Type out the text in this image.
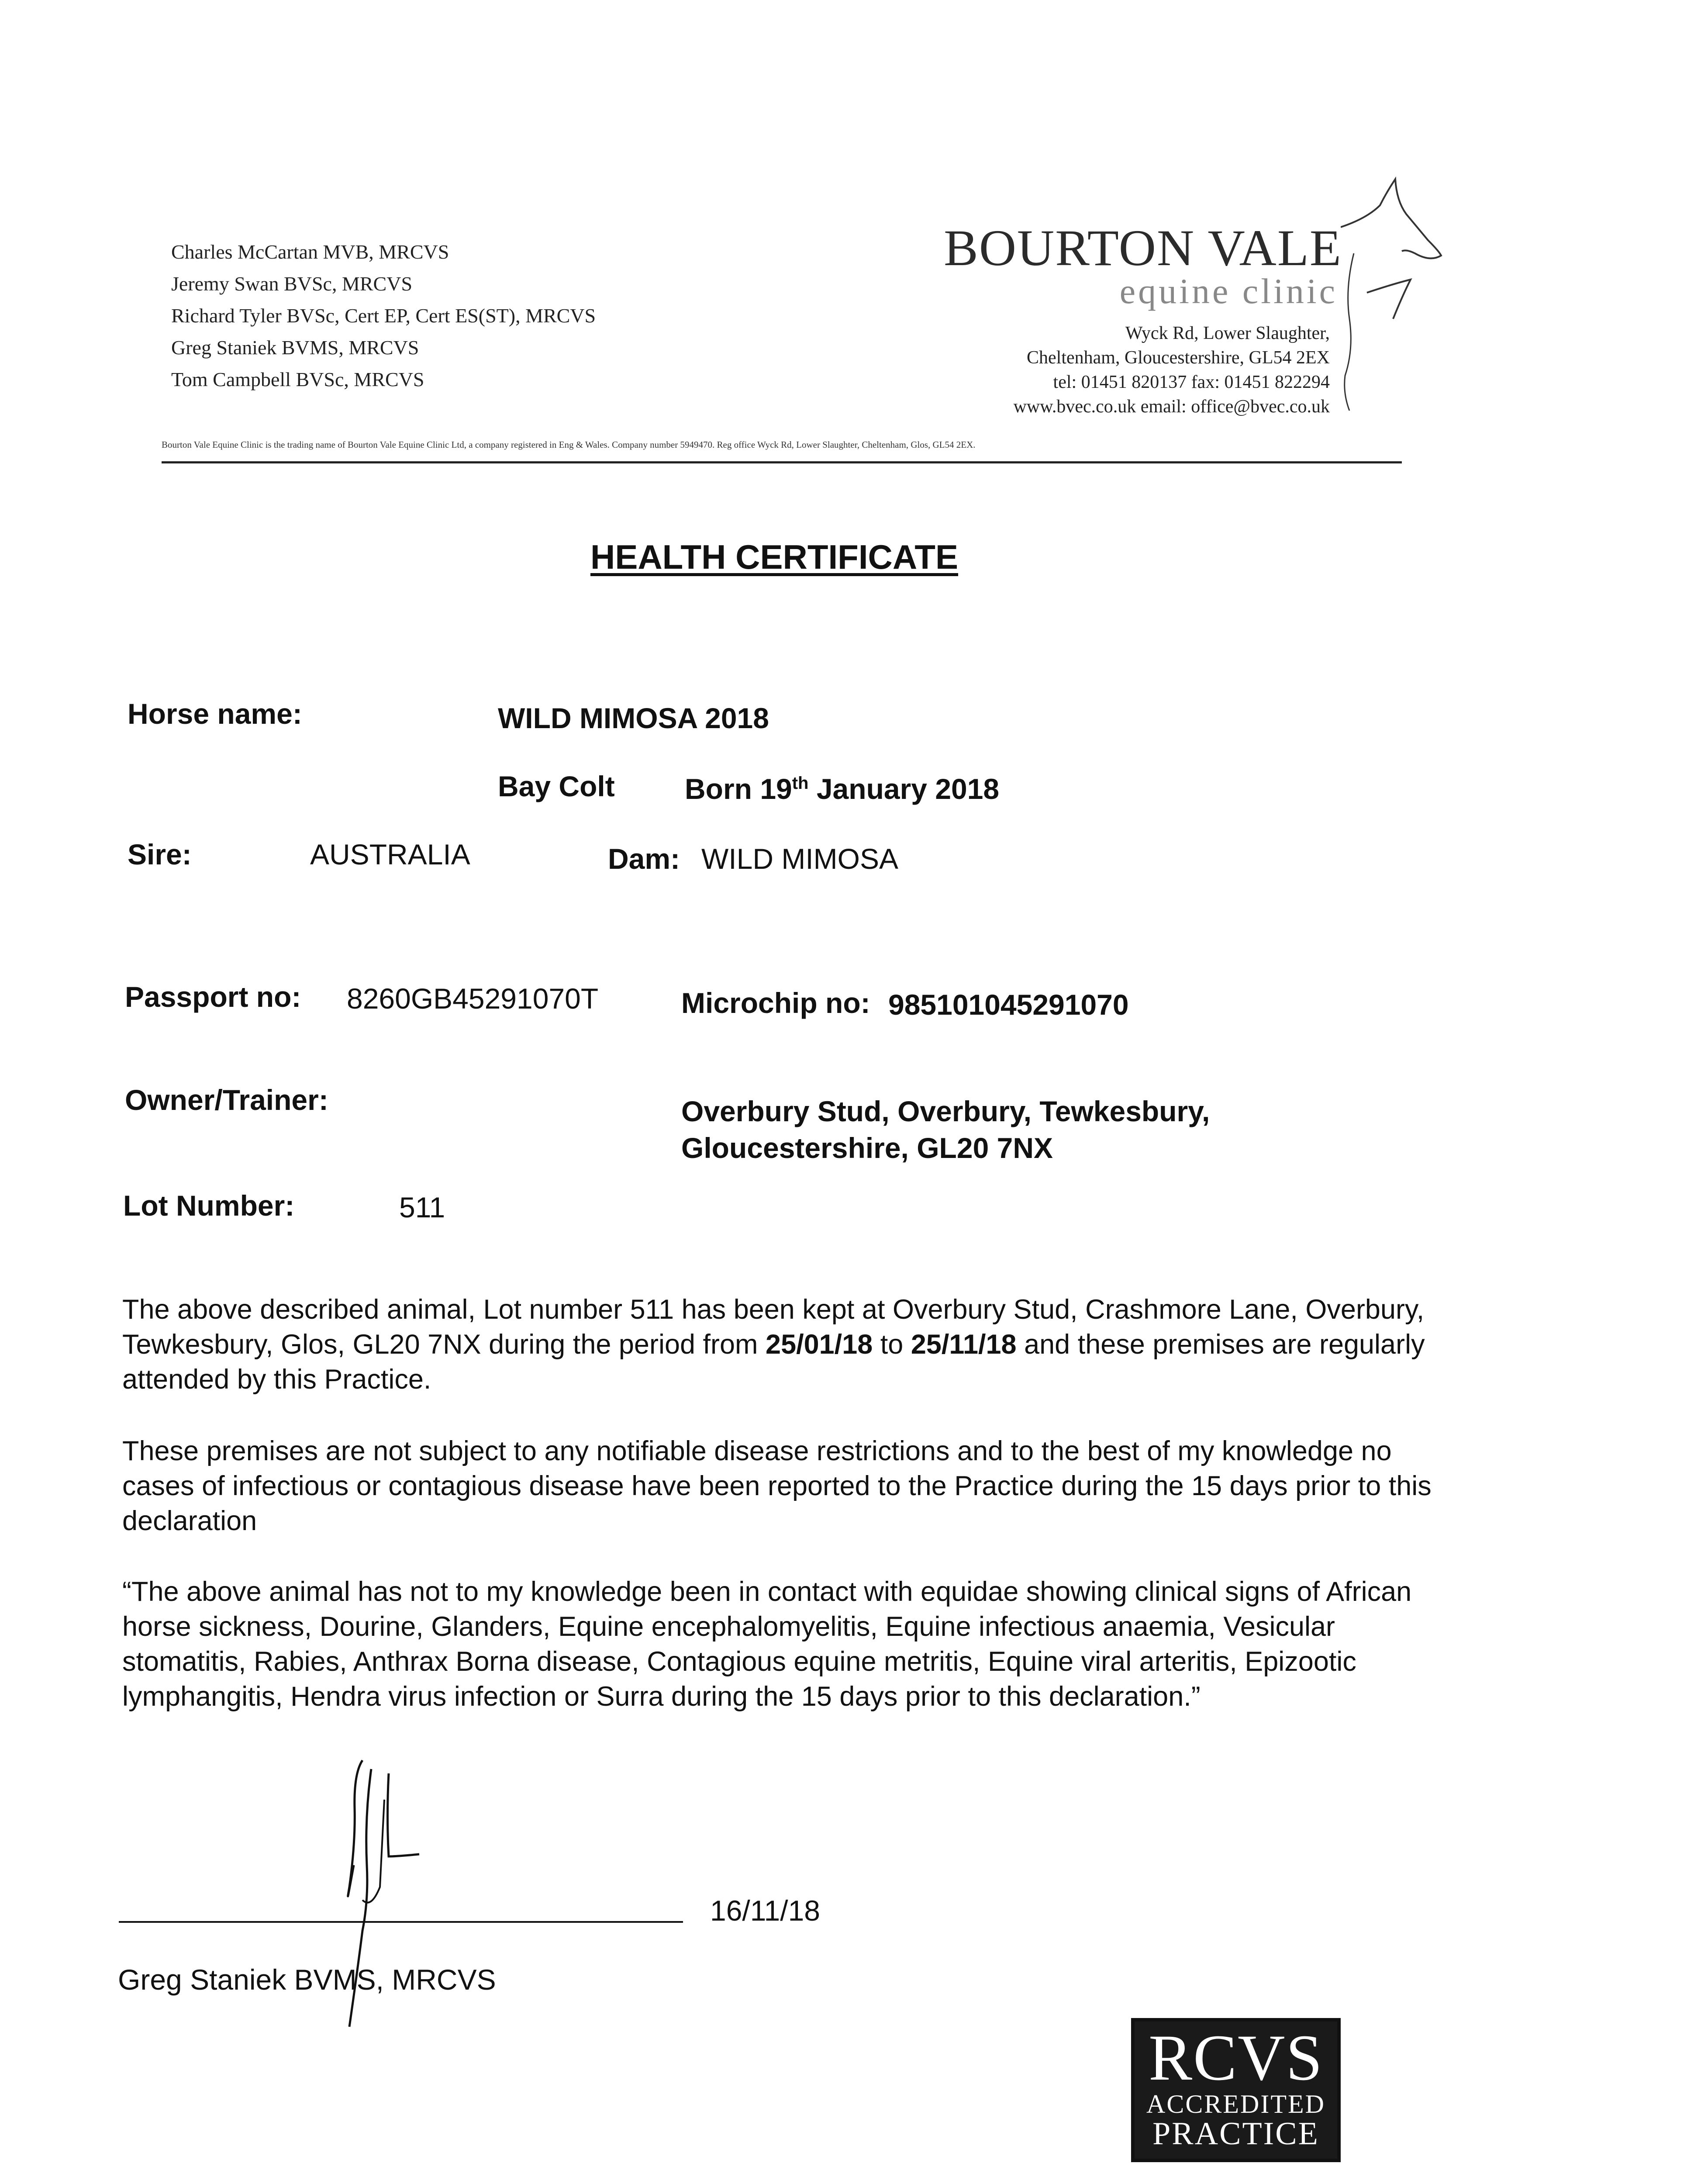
Charles McCartan MVB, MRCVS
Jeremy Swan BVSc, MRCVS
Richard Tyler BVSc, Cert EP, Cert ES(ST), MRCVS
Greg Staniek BVMS, MRCVS
Tom Campbell BVSc, MRCVS
BOURTON VALE
equine clinic
Wyck Rd, Lower Slaughter,
Cheltenham, Gloucestershire, GL54 2EX
tel: 01451 820137 fax: 01451 822294
www.bvec.co.uk email: office@bvec.co.uk
Bourton Vale Equine Clinic is the trading name of Bourton Vale Equine Clinic Ltd, a company registered in Eng & Wales. Company number 5949470. Reg office Wyck Rd, Lower Slaughter, Cheltenham, Glos, GL54 2EX.
HEALTH CERTIFICATE
Horse name:	WILD MIMOSA 2018
Bay Colt Born 19th January 2018
Sire:	AUSTRALIA	Dam: WILD MIMOSA
Passport no: 8260GB45291070T	Microchip no: 985101045291070
Owner/Trainer:	Overbury Stud, Overbury, Tewkesbury,
Gloucestershire, GL20 7NX
Lot Number:	511

The above described animal, Lot number 511 has been kept at Overbury Stud, Crashmore Lane, Overbury, Tewkesbury, Glos, GL20 7NX during the period from 25/01/18 to 25/11/18 and these premises are regularly attended by this Practice.

These premises are not subject to any notifiable disease restrictions and to the best of my knowledge no cases of infectious or contagious disease have been reported to the Practice during the 15 days prior to this declaration

“The above animal has not to my knowledge been in contact with equidae showing clinical signs of African horse sickness, Dourine, Glanders, Equine encephalomyelitis, Equine infectious anaemia, Vesicular stomatitis, Rabies, Anthrax Borna disease, Contagious equine metritis, Equine viral arteritis, Epizootic lymphangitis, Hendra virus infection or Surra during the 15 days prior to this declaration.”

16/11/18
Greg Staniek BVMS, MRCVS
RCVS
ACCREDITED
PRACTICE
